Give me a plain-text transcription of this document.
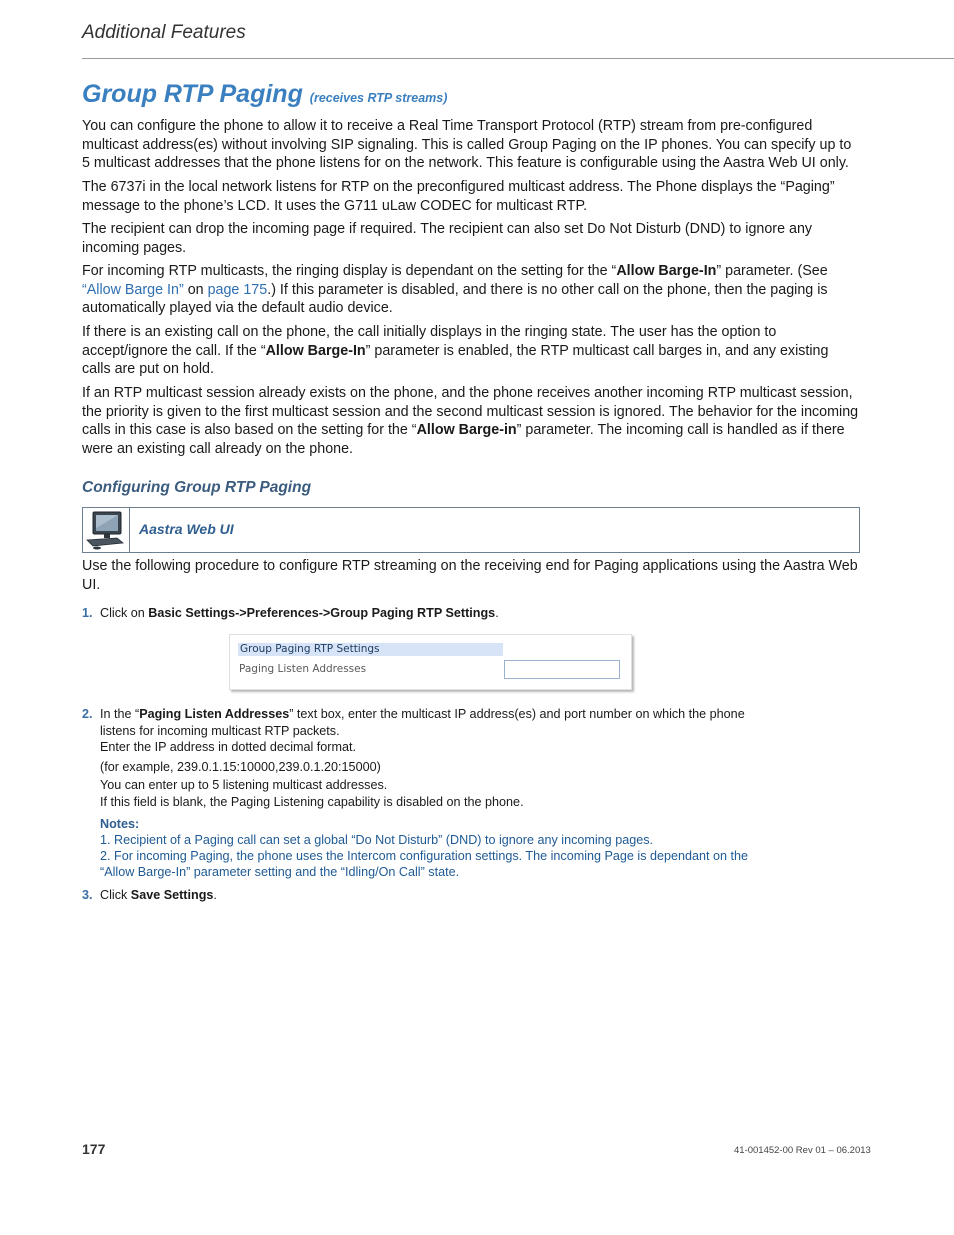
Additional Features
Group RTP Paging (receives RTP streams)

You can configure the phone to allow it to receive a Real Time Transport Protocol (RTP) stream from pre-configured multicast address(es) without involving SIP signaling. This is called Group Paging on the IP phones. You can specify up to 5 multicast addresses that the phone listens for on the network. This feature is configurable using the Aastra Web UI only.

The 6737i in the local network listens for RTP on the preconfigured multicast address. The Phone displays the “Paging” message to the phone’s LCD. It uses the G711 uLaw CODEC for multicast RTP.

The recipient can drop the incoming page if required. The recipient can also set Do Not Disturb (DND) to ignore any incoming pages.

For incoming RTP multicasts, the ringing display is dependant on the setting for the “Allow Barge-In” parameter. (See “Allow Barge In” on page 175.) If this parameter is disabled, and there is no other call on the phone, then the paging is automatically played via the default audio device.

If there is an existing call on the phone, the call initially displays in the ringing state. The user has the option to accept/ignore the call. If the “Allow Barge-In” parameter is enabled, the RTP multicast call barges in, and any existing calls are put on hold.

If an RTP multicast session already exists on the phone, and the phone receives another incoming RTP multicast session, the priority is given to the first multicast session and the second multicast session is ignored. The behavior for the incoming calls in this case is also based on the setting for the “Allow Barge-in” parameter. The incoming call is handled as if there were an existing call already on the phone.

Configuring Group RTP Paging
Aastra Web UI

Use the following procedure to configure RTP streaming on the receiving end for Paging applications using the Aastra Web UI.

1. Click on Basic Settings->Preferences->Group Paging RTP Settings.
Group Paging RTP Settings
Paging Listen Addresses
2. In the “Paging Listen Addresses” text box, enter the multicast IP address(es) and port number on which the phone listens for incoming multicast RTP packets.
Enter the IP address in dotted decimal format.
(for example, 239.0.1.15:10000,239.0.1.20:15000)
You can enter up to 5 listening multicast addresses.
If this field is blank, the Paging Listening capability is disabled on the phone.
Notes:
1. Recipient of a Paging call can set a global “Do Not Disturb” (DND) to ignore any incoming pages.
2. For incoming Paging, the phone uses the Intercom configuration settings. The incoming Page is dependant on the “Allow Barge-In” parameter setting and the “Idling/On Call” state.
3. Click Save Settings.
177	41-001452-00 Rev 01 – 06.2013
